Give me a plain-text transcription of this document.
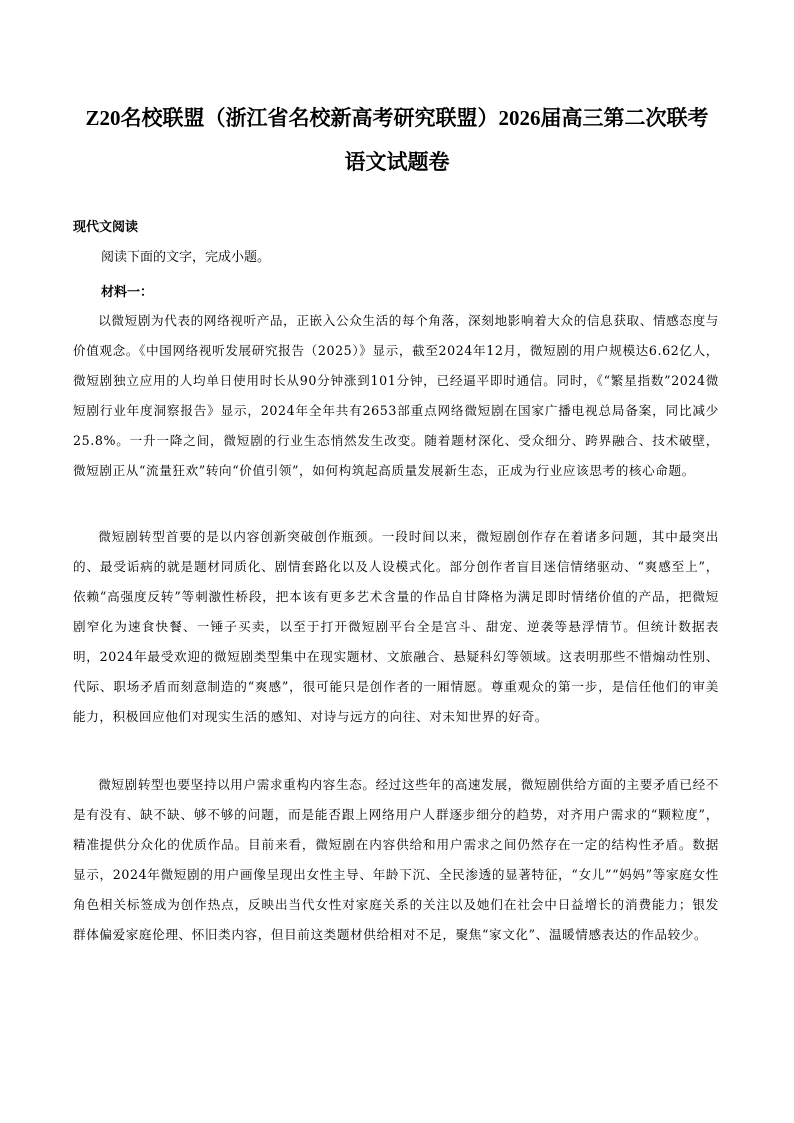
Z20名校联盟（浙江省名校新高考研究联盟）2026届高三第二次联考
语文试题卷
现代文阅读

阅读下面的文字，完成小题。

材料一：

以微短剧为代表的网络视听产品，正嵌入公众生活的每个角落，深刻地影响着大众的信息获取、情感态度与价值观念。《中国网络视听发展研究报告（2025）》显示，截至2024年12月，微短剧的用户规模达6.62亿人，微短剧独立应用的人均单日使用时长从90分钟涨到101分钟，已经逼平即时通信。同时，《“繁星指数”2024微短剧行业年度洞察报告》显示，2024年全年共有2653部重点网络微短剧在国家广播电视总局备案，同比减少25.8%。一升一降之间，微短剧的行业生态悄然发生改变。随着题材深化、受众细分、跨界融合、技术破壁，微短剧正从“流量狂欢”转向“价值引领”，如何构筑起高质量发展新生态，正成为行业应该思考的核心命题。

微短剧转型首要的是以内容创新突破创作瓶颈。一段时间以来，微短剧创作存在着诸多问题，其中最突出的、最受诟病的就是题材同质化、剧情套路化以及人设模式化。部分创作者盲目迷信情绪驱动、“爽感至上”，依赖“高强度反转”等刺激性桥段，把本该有更多艺术含量的作品自甘降格为满足即时情绪价值的产品，把微短剧窄化为速食快餐、一锤子买卖，以至于打开微短剧平台全是宫斗、甜宠、逆袭等悬浮情节。但统计数据表明，2024年最受欢迎的微短剧类型集中在现实题材、文旅融合、悬疑科幻等领域。这表明那些不惜煽动性别、代际、职场矛盾而刻意制造的“爽感”，很可能只是创作者的一厢情愿。尊重观众的第一步，是信任他们的审美能力，积极回应他们对现实生活的感知、对诗与远方的向往、对未知世界的好奇。

微短剧转型也要坚持以用户需求重构内容生态。经过这些年的高速发展，微短剧供给方面的主要矛盾已经不是有没有、缺不缺、够不够的问题，而是能否跟上网络用户人群逐步细分的趋势，对齐用户需求的“颗粒度”，精准提供分众化的优质作品。目前来看，微短剧在内容供给和用户需求之间仍然存在一定的结构性矛盾。数据显示，2024年微短剧的用户画像呈现出女性主导、年龄下沉、全民渗透的显著特征，“女儿”“妈妈”等家庭女性角色相关标签成为创作热点，反映出当代女性对家庭关系的关注以及她们在社会中日益增长的消费能力；银发群体偏爱家庭伦理、怀旧类内容，但目前这类题材供给相对不足，聚焦“家文化”、温暖情感表达的作品较少。
